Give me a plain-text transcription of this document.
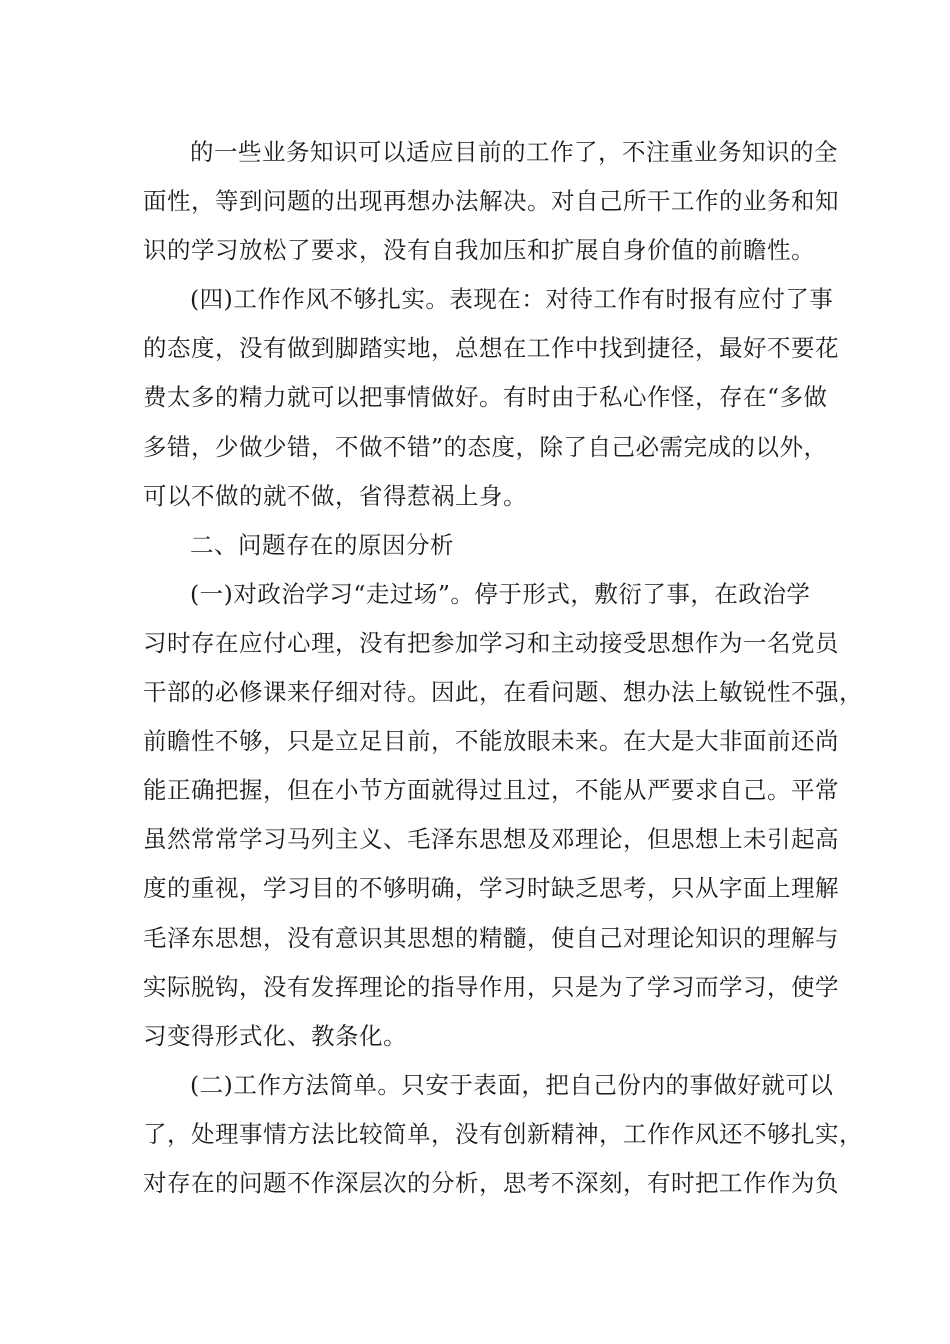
的一些业务知识可以适应目前的工作了，不注重业务知识的全
面性，等到问题的出现再想办法解决。对自己所干工作的业务和知
识的学习放松了要求，没有自我加压和扩展自身价值的前瞻性。
(四)工作作风不够扎实。表现在：对待工作有时报有应付了事
的态度，没有做到脚踏实地，总想在工作中找到捷径，最好不要花
费太多的精力就可以把事情做好。有时由于私心作怪，存在“多做
多错，少做少错，不做不错”的态度，除了自己必需完成的以外，
可以不做的就不做，省得惹祸上身。
二、问题存在的原因分析
(一)对政治学习“走过场”。停于形式，敷衍了事，在政治学
习时存在应付心理，没有把参加学习和主动接受思想作为一名党员
干部的必修课来仔细对待。因此，在看问题、想办法上敏锐性不强，
前瞻性不够，只是立足目前，不能放眼未来。在大是大非面前还尚
能正确把握，但在小节方面就得过且过，不能从严要求自己。平常
虽然常常学习马列主义、毛泽东思想及邓理论，但思想上未引起高
度的重视，学习目的不够明确，学习时缺乏思考，只从字面上理解
毛泽东思想，没有意识其思想的精髓，使自己对理论知识的理解与
实际脱钩，没有发挥理论的指导作用，只是为了学习而学习，使学
习变得形式化、教条化。
(二)工作方法简单。只安于表面，把自己份内的事做好就可以
了，处理事情方法比较简单，没有创新精神，工作作风还不够扎实，
对存在的问题不作深层次的分析，思考不深刻，有时把工作作为负
